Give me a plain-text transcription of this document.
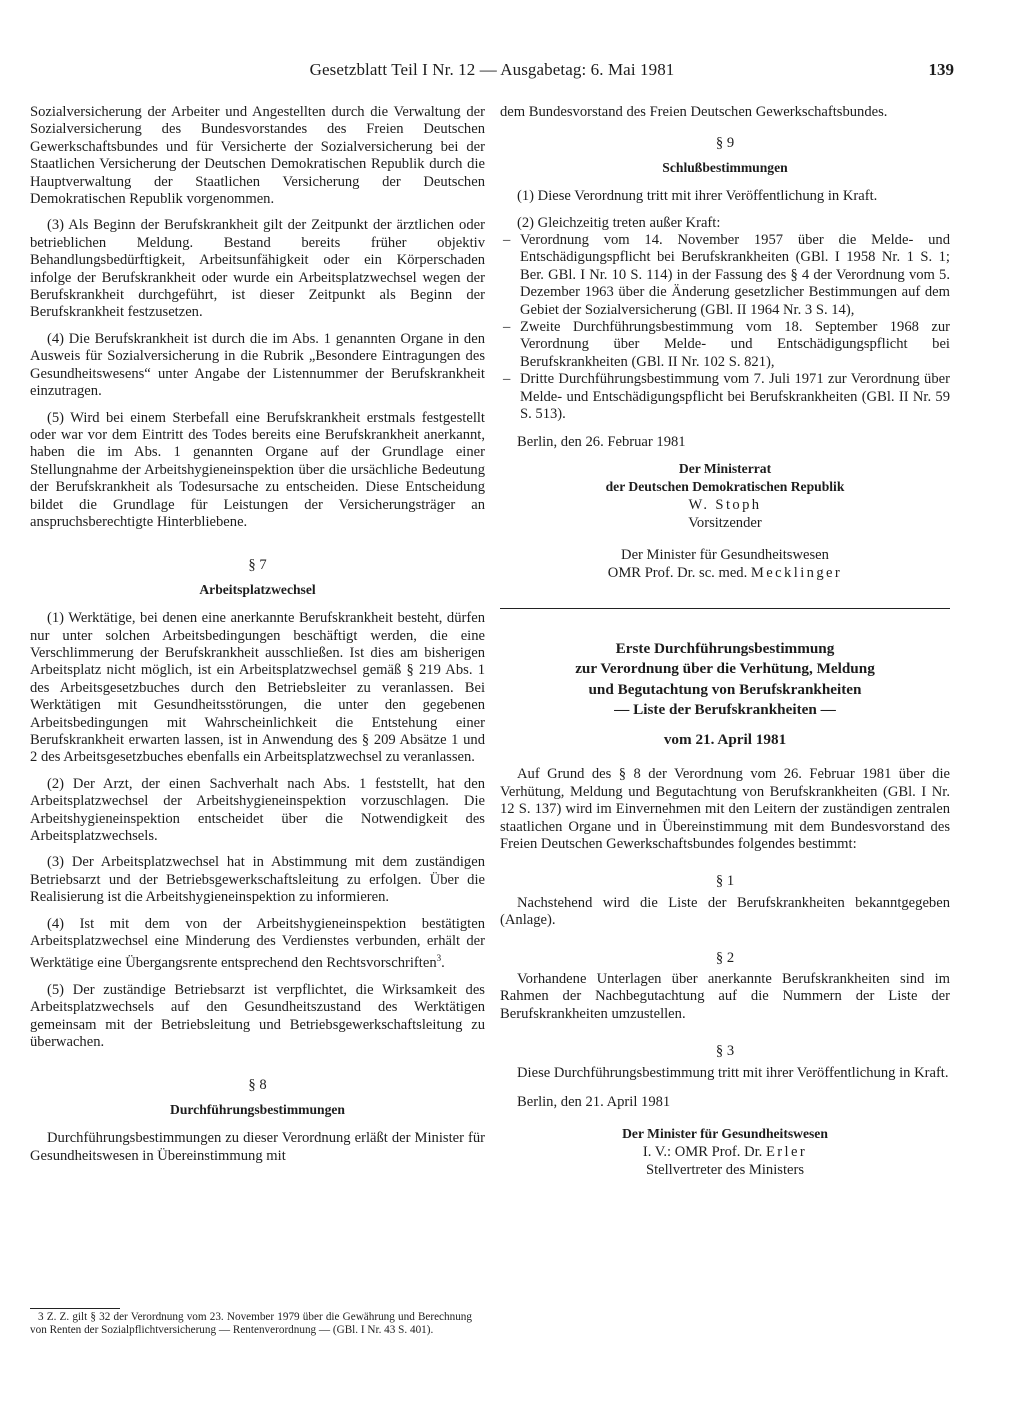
Gesetzblatt Teil I Nr. 12 — Ausgabetag: 6. Mai 1981	139

Sozialversicherung der Arbeiter und Angestellten durch die Verwaltung der Sozialversicherung des Bundesvorstandes des Freien Deutschen Gewerkschaftsbundes und für Versicherte der Sozialversicherung bei der Staatlichen Versicherung der Deutschen Demokratischen Republik durch die Hauptverwaltung der Staatlichen Versicherung der Deutschen Demokratischen Republik vorgenommen.

(3) Als Beginn der Berufskrankheit gilt der Zeitpunkt der ärztlichen oder betrieblichen Meldung. Bestand bereits früher objektiv Behandlungsbedürftigkeit, Arbeitsunfähigkeit oder ein Körperschaden infolge der Berufskrankheit oder wurde ein Arbeitsplatzwechsel wegen der Berufskrankheit durchgeführt, ist dieser Zeitpunkt als Beginn der Berufskrankheit festzusetzen.

(4) Die Berufskrankheit ist durch die im Abs. 1 genannten Organe in den Ausweis für Sozialversicherung in die Rubrik „Besondere Eintragungen des Gesundheitswesens“ unter Angabe der Listennummer der Berufskrankheit einzutragen.

(5) Wird bei einem Sterbefall eine Berufskrankheit erstmals festgestellt oder war vor dem Eintritt des Todes bereits eine Berufskrankheit anerkannt, haben die im Abs. 1 genannten Organe auf der Grundlage einer Stellungnahme der Arbeitshygieneinspektion über die ursächliche Bedeutung der Berufskrankheit als Todesursache zu entscheiden. Diese Entscheidung bildet die Grundlage für Leistungen der Versicherungsträger an anspruchsberechtigte Hinterbliebene.

§ 7
Arbeitsplatzwechsel

(1) Werktätige, bei denen eine anerkannte Berufskrankheit besteht, dürfen nur unter solchen Arbeitsbedingungen beschäftigt werden, die eine Verschlimmerung der Berufskrankheit ausschließen. Ist dies am bisherigen Arbeitsplatz nicht möglich, ist ein Arbeitsplatzwechsel gemäß § 219 Abs. 1 des Arbeitsgesetzbuches durch den Betriebsleiter zu veranlassen. Bei Werktätigen mit Gesundheitsstörungen, die unter den gegebenen Arbeitsbedingungen mit Wahrscheinlichkeit die Entstehung einer Berufskrankheit erwarten lassen, ist in Anwendung des § 209 Absätze 1 und 2 des Arbeitsgesetzbuches ebenfalls ein Arbeitsplatzwechsel zu veranlassen.

(2) Der Arzt, der einen Sachverhalt nach Abs. 1 feststellt, hat den Arbeitsplatzwechsel der Arbeitshygieneinspektion vorzuschlagen. Die Arbeitshygieneinspektion entscheidet über die Notwendigkeit des Arbeitsplatzwechsels.

(3) Der Arbeitsplatzwechsel hat in Abstimmung mit dem zuständigen Betriebsarzt und der Betriebsgewerkschaftsleitung zu erfolgen. Über die Realisierung ist die Arbeitshygieneinspektion zu informieren.

(4) Ist mit dem von der Arbeitshygieneinspektion bestätigten Arbeitsplatzwechsel eine Minderung des Verdienstes verbunden, erhält der Werktätige eine Übergangsrente entsprechend den Rechtsvorschriften$^3$.

(5) Der zuständige Betriebsarzt ist verpflichtet, die Wirksamkeit des Arbeitsplatzwechsels auf den Gesundheitszustand des Werktätigen gemeinsam mit der Betriebsleitung und Betriebsgewerkschaftsleitung zu überwachen.

§ 8
Durchführungsbestimmungen

Durchführungsbestimmungen zu dieser Verordnung erläßt der Minister für Gesundheitswesen in Übereinstimmung mit

3 Z. Z. gilt § 32 der Verordnung vom 23. November 1979 über die Gewährung und Berechnung von Renten der Sozialpflichtversicherung — Rentenverordnung — (GBl. I Nr. 43 S. 401).

dem Bundesvorstand des Freien Deutschen Gewerkschaftsbundes.

§ 9
Schlußbestimmungen

(1) Diese Verordnung tritt mit ihrer Veröffentlichung in Kraft.

(2) Gleichzeitig treten außer Kraft:

– Verordnung vom 14. November 1957 über die Melde- und Entschädigungspflicht bei Berufskrankheiten (GBl. I 1958 Nr. 1 S. 1; Ber. GBl. I Nr. 10 S. 114) in der Fassung des § 4 der Verordnung vom 5. Dezember 1963 über die Änderung gesetzlicher Bestimmungen auf dem Gebiet der Sozialversicherung (GBl. II 1964 Nr. 3 S. 14),
– Zweite Durchführungsbestimmung vom 18. September 1968 zur Verordnung über Melde- und Entschädigungspflicht bei Berufskrankheiten (GBl. II Nr. 102 S. 821),
– Dritte Durchführungsbestimmung vom 7. Juli 1971 zur Verordnung über Melde- und Entschädigungspflicht bei Berufskrankheiten (GBl. II Nr. 59 S. 513).

Berlin, den 26. Februar 1981

Der Ministerrat
der Deutschen Demokratischen Republik
W. Stoph
Vorsitzender
Der Minister für Gesundheitswesen
OMR Prof. Dr. sc. med. Mecklinger
Erste Durchführungsbestimmung
zur Verordnung über die Verhütung, Meldung
und Begutachtung von Berufskrankheiten
— Liste der Berufskrankheiten —
vom 21. April 1981

Auf Grund des § 8 der Verordnung vom 26. Februar 1981 über die Verhütung, Meldung und Begutachtung von Berufskrankheiten (GBl. I Nr. 12 S. 137) wird im Einvernehmen mit den Leitern der zuständigen zentralen staatlichen Organe und in Übereinstimmung mit dem Bundesvorstand des Freien Deutschen Gewerkschaftsbundes folgendes bestimmt:

§ 1

Nachstehend wird die Liste der Berufskrankheiten bekanntgegeben (Anlage).

§ 2

Vorhandene Unterlagen über anerkannte Berufskrankheiten sind im Rahmen der Nachbegutachtung auf die Nummern der Liste der Berufskrankheiten umzustellen.

§ 3

Diese Durchführungsbestimmung tritt mit ihrer Veröffentlichung in Kraft.

Berlin, den 21. April 1981

Der Minister für Gesundheitswesen
I. V.: OMR Prof. Dr. Erler
Stellvertreter des Ministers
